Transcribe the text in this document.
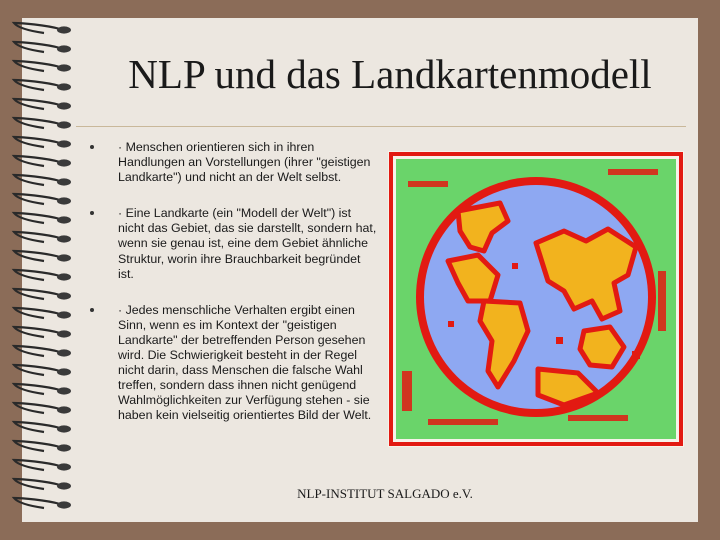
NLP und das Landkartenmodell
· Menschen orientieren sich in ihren Handlungen an Vorstellungen (ihrer "geistigen Landkarte") und nicht an der Welt selbst.
· Eine Landkarte (ein "Modell der Welt") ist nicht das Gebiet, das sie darstellt, sondern hat, wenn sie genau ist, eine dem Gebiet ähnliche Struktur, worin ihre Brauchbarkeit begründet ist.
· Jedes menschliche Verhalten ergibt einen Sinn, wenn es im Kontext der "geistigen Landkarte" der betreffenden Person gesehen wird. Die Schwierigkeit besteht in der Regel nicht darin, dass Menschen die falsche Wahl treffen, sondern dass ihnen nicht genügend Wahlmöglichkeiten zur Verfügung stehen - sie haben kein vielseitig orientiertes Bild der Welt.
NLP-INSTITUT SALGADO e.V.
